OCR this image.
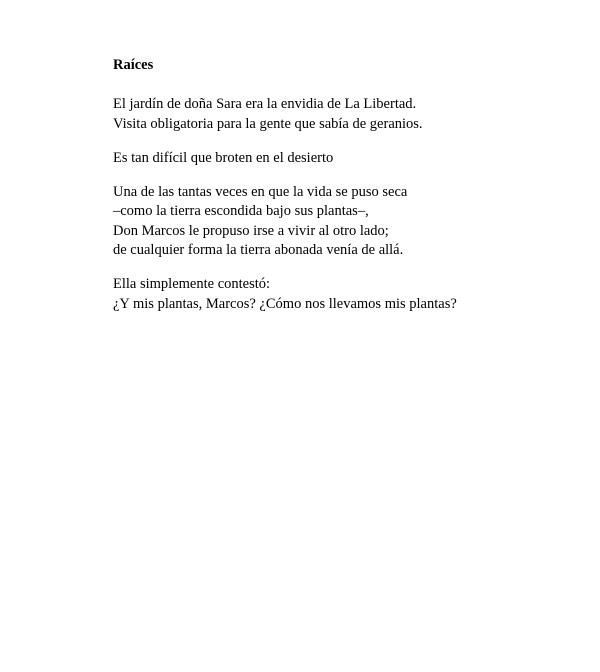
Raíces
El jardín de doña Sara era la envidia de La Libertad.
Visita obligatoria para la gente que sabía de geranios.
Es tan difícil que broten en el desierto
Una de las tantas veces en que la vida se puso seca
–como la tierra escondida bajo sus plantas–,
Don Marcos le propuso irse a vivir al otro lado;
de cualquier forma la tierra abonada venía de allá.
Ella simplemente contestó:
¿Y mis plantas, Marcos? ¿Cómo nos llevamos mis plantas?
